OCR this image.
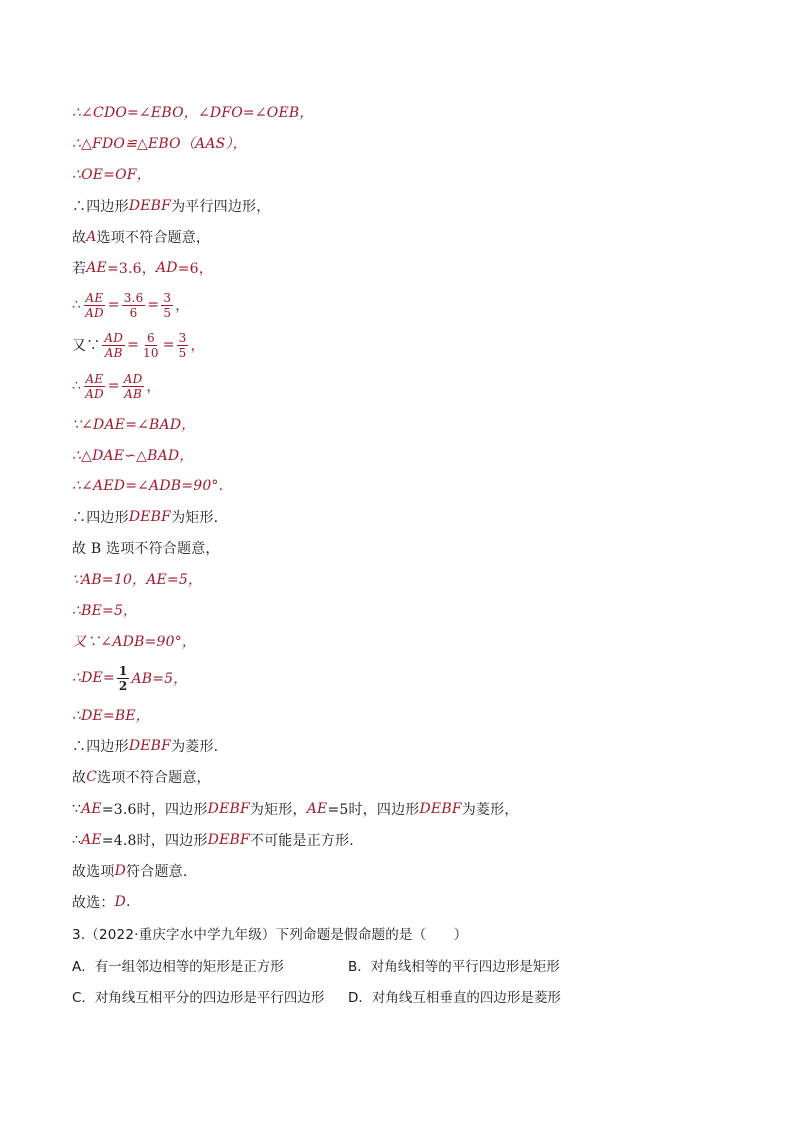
∴∠CDO=∠EBO，∠DFO=∠OEB，
∴△FDO≌△EBO（AAS），
∴OE=OF，
∴四边形 DEBF 为平行四边形，
故 A 选项不符合题意，
若 AE =3.6， AD =6，
∴ $\frac{AE}{AD} = \frac{3.6}{6} = \frac{3}{5}$ ，
又∵ $\frac{AD}{AB} = \frac{6}{10} = \frac{3}{5}$ ，
∴ $\frac{AE}{AD} = \frac{AD}{AB}$ ，
∵∠DAE=∠BAD，
∴△DAE∽△BAD，
∴∠AED=∠ADB=90°.
∴四边形 DEBF 为矩形.
故 B 选项不符合题意，
∵AB=10，AE=5，
∴BE=5，
又∵∠ADB=90°，
∴DE= $\frac{1}{2} AB=5$，
∴DE=BE，
∴四边形 DEBF 为菱形.
故 C 选项不符合题意，
∵ AE =3.6时，四边形 DEBF 为矩形， AE =5时，四边形 DEBF 为菱形，
∴ AE =4.8时，四边形 DEBF 不可能是正方形.
故选项 D 符合题意.
故选： D .
3.（2022·重庆字水中学九年级）下列命题是假命题的是（　　）
A．有一组邻边相等的矩形是正方形	B．对角线相等的平行四边形是矩形
C．对角线互相平分的四边形是平行四边形 D．对角线互相垂直的四边形是菱形
